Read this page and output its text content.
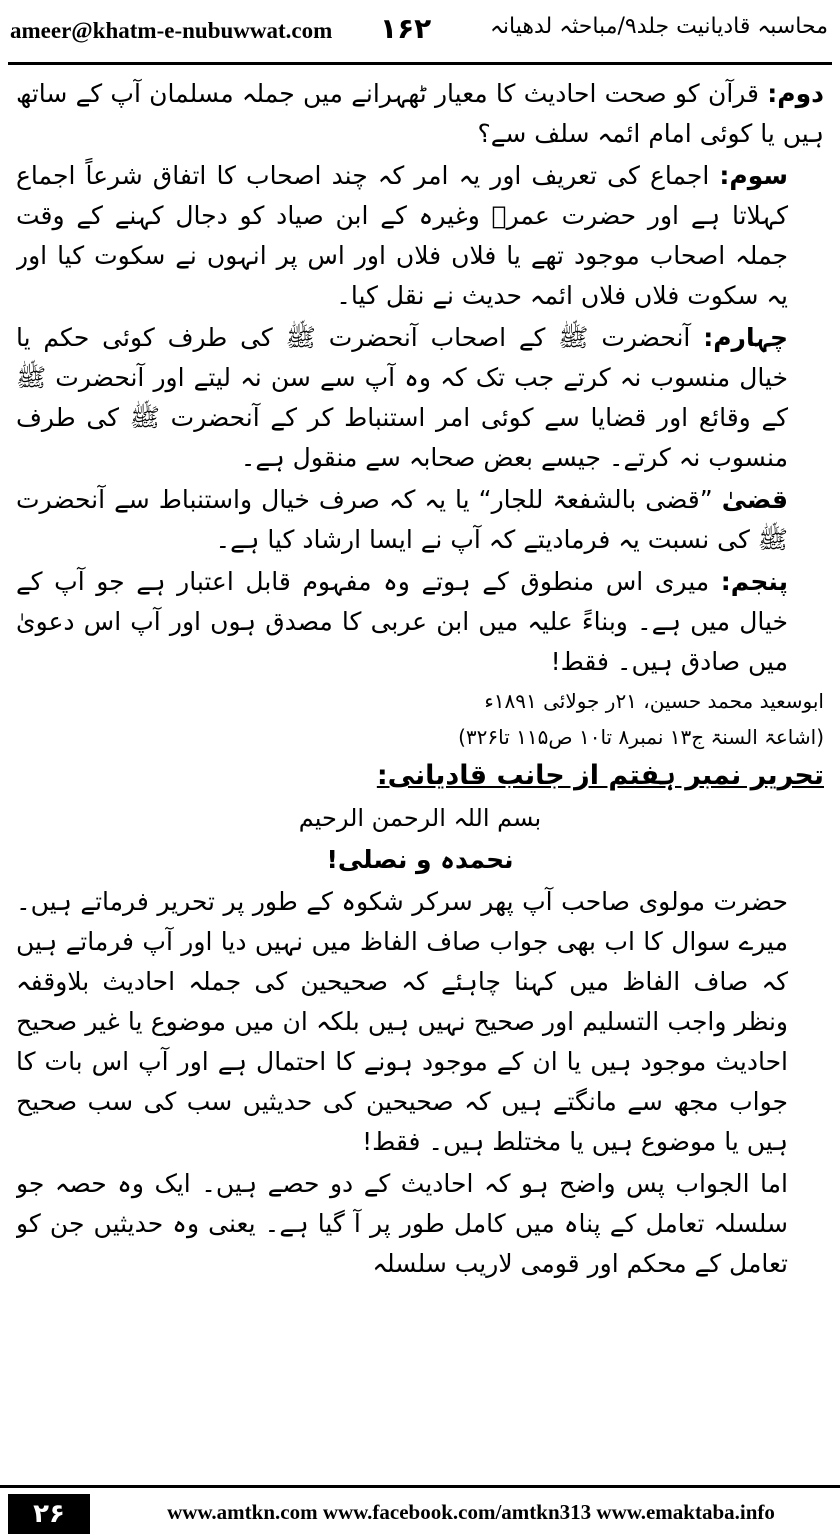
ameer@khatm-e-nubuwwat.com ۱۶۲	محاسبہ قادیانیت جلد۹/مباحثہ لدھیانہ

دوم: قرآن کو صحت احادیث کا معیار ٹھہرانے میں جملہ مسلمان آپ کے ساتھ ہیں یا کوئی امام ائمہ سلف سے؟

سوم: اجماع کی تعریف اور یہ امر کہ چند اصحاب کا اتفاق شرعاً اجماع کہلاتا ہے اور حضرت عمرؓ وغیرہ کے ابن صیاد کو دجال کہنے کے وقت جملہ اصحاب موجود تھے یا فلاں فلاں اور اس پر انہوں نے سکوت کیا اور یہ سکوت فلاں فلاں ائمہ حدیث نے نقل کیا۔

چہارم: آنحضرت ﷺ کے اصحاب آنحضرت ﷺ کی طرف کوئی حکم یا خیال منسوب نہ کرتے جب تک کہ وہ آپ سے سن نہ لیتے اور آنحضرت ﷺ کے وقائع اور قضایا سے کوئی امر استنباط کر کے آنحضرت ﷺ کی طرف منسوب نہ کرتے۔ جیسے بعض صحابہ سے منقول ہے۔

قضیٰ ”قضی بالشفعۃ للجار“ یا یہ کہ صرف خیال واستنباط سے آنحضرت ﷺ کی نسبت یہ فرمادیتے کہ آپ نے ایسا ارشاد کیا ہے۔

پنجم: میری اس منطوق کے ہوتے وہ مفہوم قابل اعتبار ہے جو آپ کے خیال میں ہے۔ وبناءً علیہ میں ابن عربی کا مصدق ہوں اور آپ اس دعویٰ میں صادق ہیں۔ فقط!

ابوسعید محمد حسین، ۲۱ر جولائی ۱۸۹۱ء

(اشاعۃ السنۃ ج۱۳ نمبر۸ تا۱۰ ص۱۱۵ تا۳۲۶)

تحریر نمبر ہفتم از جانب قادیانی:

بسم اللہ الرحمن الرحیم

نحمدہ و نصلی!

حضرت مولوی صاحب آپ پھر سرکر شکوہ کے طور پر تحریر فرماتے ہیں۔ میرے سوال کا اب بھی جواب صاف الفاظ میں نہیں دیا اور آپ فرماتے ہیں کہ صاف الفاظ میں کہنا چاہئے کہ صحیحین کی جملہ احادیث بلاوقفہ ونظر واجب التسلیم اور صحیح نہیں ہیں بلکہ ان میں موضوع یا غیر صحیح احادیث موجود ہیں یا ان کے موجود ہونے کا احتمال ہے اور آپ اس بات کا جواب مجھ سے مانگتے ہیں کہ صحیحین کی حدیثیں سب کی سب صحیح ہیں یا موضوع ہیں یا مختلط ہیں۔ فقط!

اما الجواب پس واضح ہو کہ احادیث کے دو حصے ہیں۔ ایک وہ حصہ جو سلسلہ تعامل کے پناہ میں کامل طور پر آ گیا ہے۔ یعنی وہ حدیثیں جن کو تعامل کے محکم اور قومی لاریب سلسلہ

۲۶	www.amtkn.com www.facebook.com/amtkn313 www.emaktaba.info
